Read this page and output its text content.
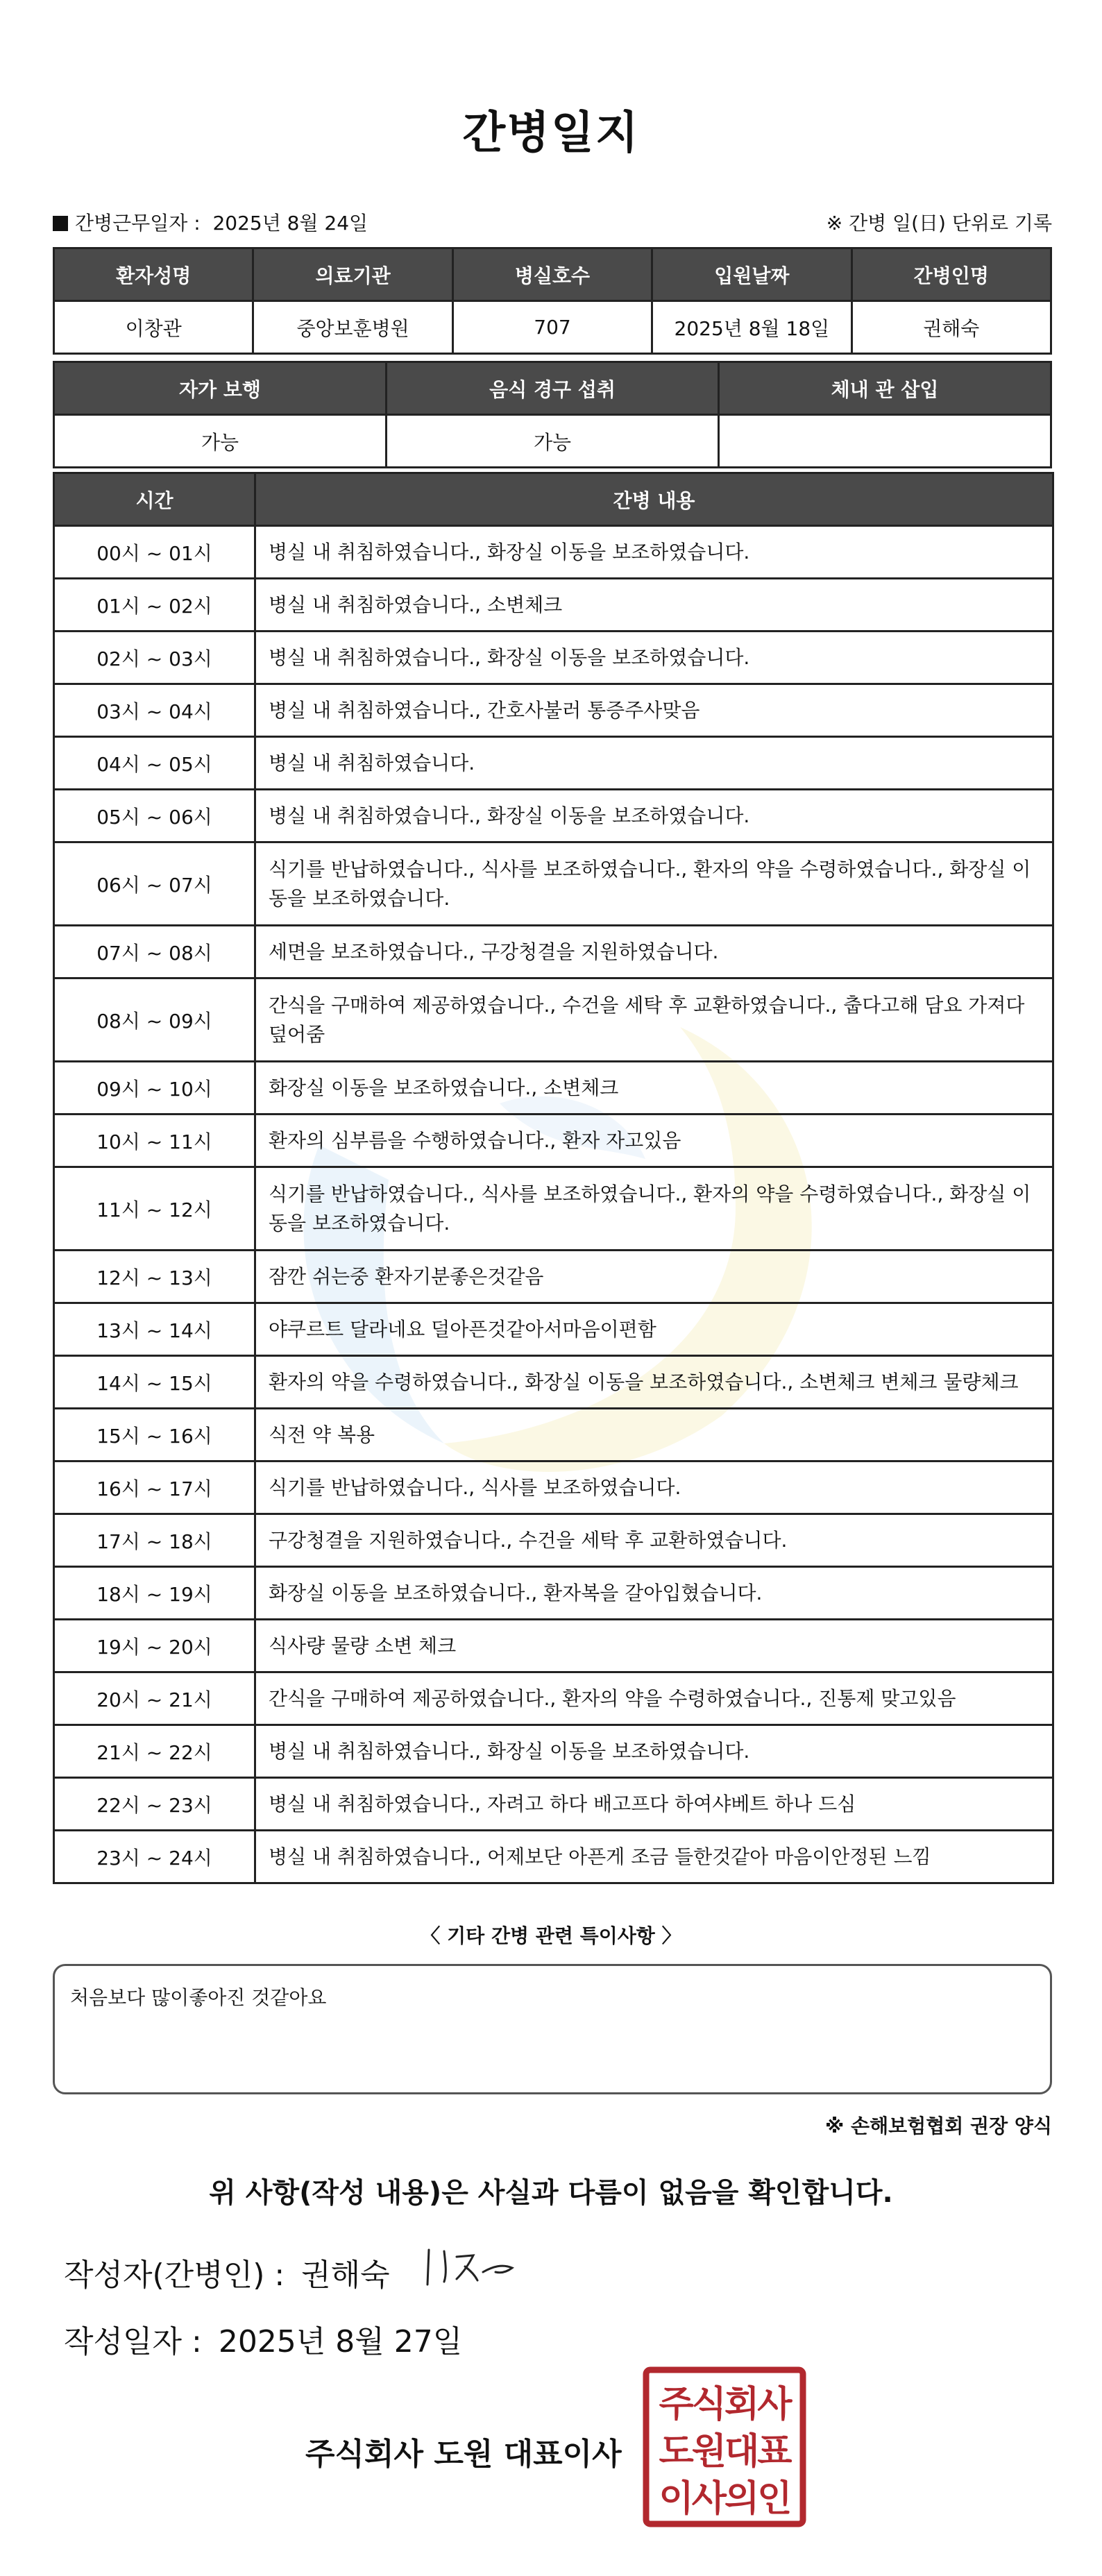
간병일지
간병근무일자 : 2025년 8월 24일	※ 간병 일(日) 단위로 기록
환자성명	의료기관	병실호수	입원날짜	간병인명
이창관	중앙보훈병원	707	2025년 8월 18일	권해숙
자가 보행	음식 경구 섭취	체내 관 삽입
가능	가능	
시간	간병 내용
00시 ~ 01시	병실 내 취침하였습니다., 화장실 이동을 보조하였습니다.
01시 ~ 02시	병실 내 취침하였습니다., 소변체크
02시 ~ 03시	병실 내 취침하였습니다., 화장실 이동을 보조하였습니다.
03시 ~ 04시	병실 내 취침하였습니다., 간호사불러 통증주사맞음
04시 ~ 05시	병실 내 취침하였습니다.
05시 ~ 06시	병실 내 취침하였습니다., 화장실 이동을 보조하였습니다.
06시 ~ 07시	식기를 반납하였습니다., 식사를 보조하였습니다., 환자의 약을 수령하였습니다., 화장실 이동을 보조하였습니다.
07시 ~ 08시	세면을 보조하였습니다., 구강청결을 지원하였습니다.
08시 ~ 09시	간식을 구매하여 제공하였습니다., 수건을 세탁 후 교환하였습니다., 춥다고해 담요 가져다 덮어줌
09시 ~ 10시	화장실 이동을 보조하였습니다., 소변체크
10시 ~ 11시	환자의 심부름을 수행하였습니다., 환자 자고있음
11시 ~ 12시	식기를 반납하였습니다., 식사를 보조하였습니다., 환자의 약을 수령하였습니다., 화장실 이동을 보조하였습니다.
12시 ~ 13시	잠깐 쉬는중 환자기분좋은것같음
13시 ~ 14시	야쿠르트 달라네요 덜아픈것같아서마음이편함
14시 ~ 15시	환자의 약을 수령하였습니다., 화장실 이동을 보조하였습니다., 소변체크 변체크 물량체크
15시 ~ 16시	식전 약 복용
16시 ~ 17시	식기를 반납하였습니다., 식사를 보조하였습니다.
17시 ~ 18시	구강청결을 지원하였습니다., 수건을 세탁 후 교환하였습니다.
18시 ~ 19시	화장실 이동을 보조하였습니다., 환자복을 갈아입혔습니다.
19시 ~ 20시	식사량 물량 소변 체크
20시 ~ 21시	간식을 구매하여 제공하였습니다., 환자의 약을 수령하였습니다., 진통제 맞고있음
21시 ~ 22시	병실 내 취침하였습니다., 화장실 이동을 보조하였습니다.
22시 ~ 23시	병실 내 취침하였습니다., 자려고 하다 배고프다 하여샤베트 하나 드심
23시 ~ 24시	병실 내 취침하였습니다., 어제보단 아픈게 조금 들한것같아 마음이안정된 느낌
〈 기타 간병 관련 특이사항 〉
처음보다 많이좋아진 것같아요
※ 손해보험협회 권장 양식
위 사항(작성 내용)은 사실과 다름이 없음을 확인합니다.
작성자(간병인) : 권해숙
작성일자 : 2025년 8월 27일
주식회사 도원 대표이사
주식회사
도원대표
이사의인
